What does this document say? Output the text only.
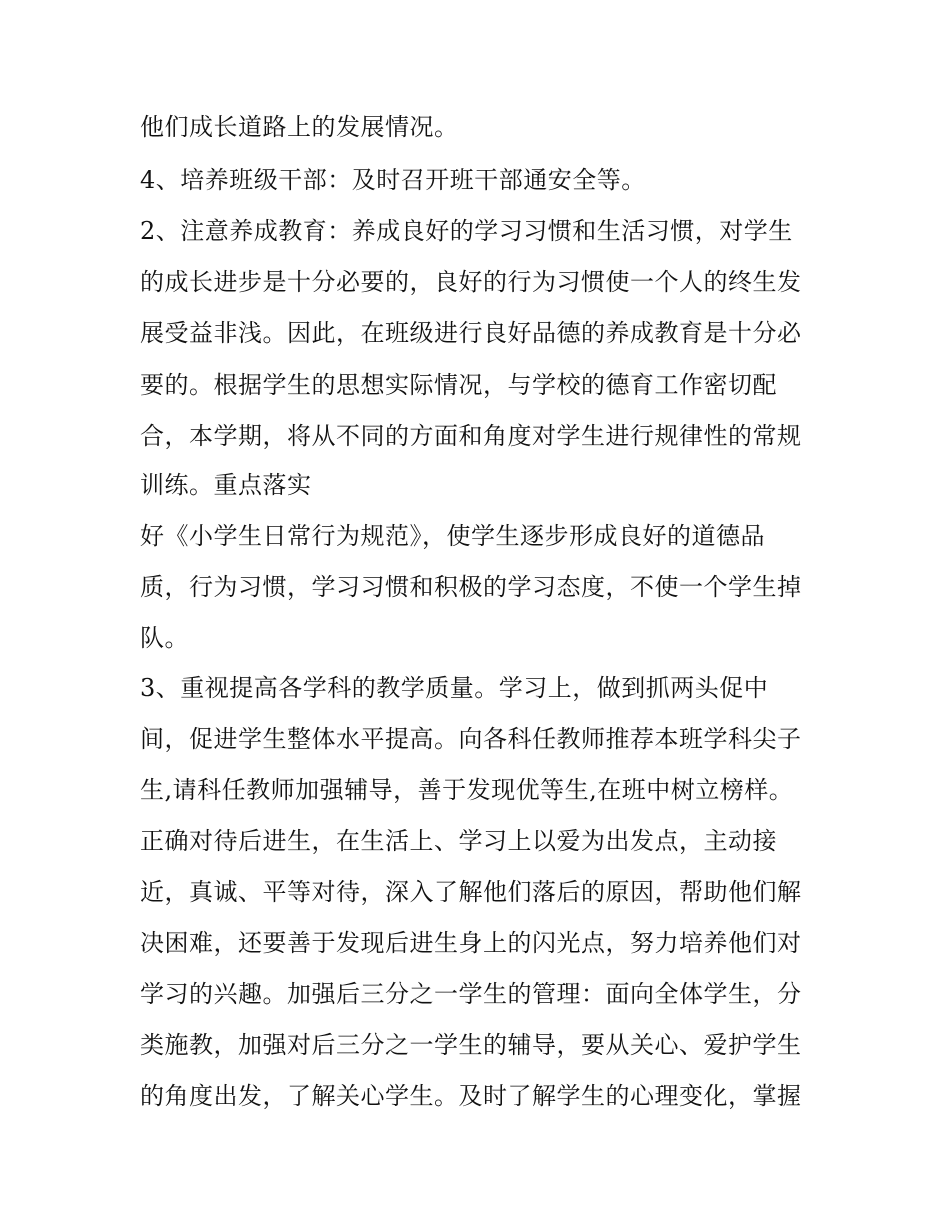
他们成长道路上的发展情况。

4、培养班级干部：及时召开班干部通安全等。

2、注意养成教育：养成良好的学习习惯和生活习惯，对学生

的成长进步是十分必要的，良好的行为习惯使一个人的终生发

展受益非浅。因此，在班级进行良好品德的养成教育是十分必

要的。根据学生的思想实际情况，与学校的德育工作密切配

合，本学期，将从不同的方面和角度对学生进行规律性的常规

训练。重点落实

好《小学生日常行为规范》，使学生逐步形成良好的道德品

质，行为习惯，学习习惯和积极的学习态度，不使一个学生掉

队。

3、重视提高各学科的教学质量。学习上，做到抓两头促中

间，促进学生整体水平提高。向各科任教师推荐本班学科尖子

生,请科任教师加强辅导，善于发现优等生,在班中树立榜样。

正确对待后进生，在生活上、学习上以爱为出发点，主动接

近，真诚、平等对待，深入了解他们落后的原因，帮助他们解

决困难，还要善于发现后进生身上的闪光点，努力培养他们对

学习的兴趣。加强后三分之一学生的管理：面向全体学生，分

类施教，加强对后三分之一学生的辅导，要从关心、爱护学生

的角度出发，了解关心学生。及时了解学生的心理变化，掌握
